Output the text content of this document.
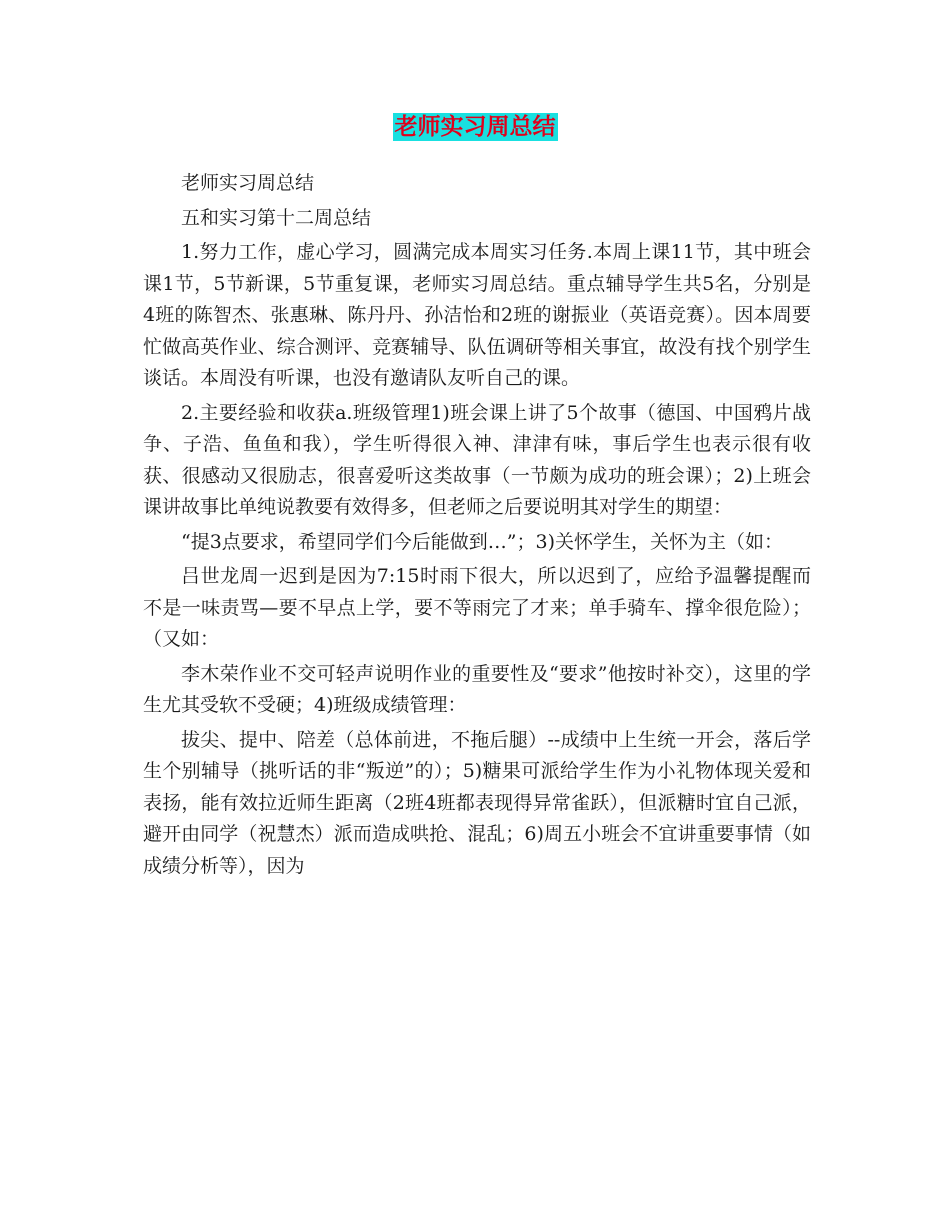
老师实习周总结

老师实习周总结

五和实习第十二周总结

1.努力工作，虚心学习，圆满完成本周实习任务.本周上课11节，其中班会课1节，5节新课，5节重复课，老师实习周总结。重点辅导学生共5名，分别是4班的陈智杰、张惠琳、陈丹丹、孙洁怡和2班的谢振业（英语竞赛）。因本周要忙做高英作业、综合测评、竞赛辅导、队伍调研等相关事宜，故没有找个别学生谈话。本周没有听课，也没有邀请队友听自己的课。

2.主要经验和收获a.班级管理1)班会课上讲了5个故事（德国、中国鸦片战争、子浩、鱼鱼和我），学生听得很入神、津津有味，事后学生也表示很有收获、很感动又很励志，很喜爱听这类故事（一节颇为成功的班会课）；2)上班会课讲故事比单纯说教要有效得多，但老师之后要说明其对学生的期望：

“提3点要求，希望同学们今后能做到…”；3)关怀学生，关怀为主（如：

吕世龙周一迟到是因为7:15时雨下很大，所以迟到了，应给予温馨提醒而不是一味责骂—要不早点上学，要不等雨完了才来；单手骑车、撑伞很危险）；（又如：

李木荣作业不交可轻声说明作业的重要性及“要求”他按时补交），这里的学生尤其受软不受硬；4)班级成绩管理：

拔尖、提中、陪差（总体前进，不拖后腿）--成绩中上生统一开会，落后学生个别辅导（挑听话的非“叛逆”的）；5)糖果可派给学生作为小礼物体现关爱和表扬，能有效拉近师生距离（2班4班都表现得异常雀跃），但派糖时宜自己派，避开由同学（祝慧杰）派而造成哄抢、混乱；6)周五小班会不宜讲重要事情（如成绩分析等），因为
